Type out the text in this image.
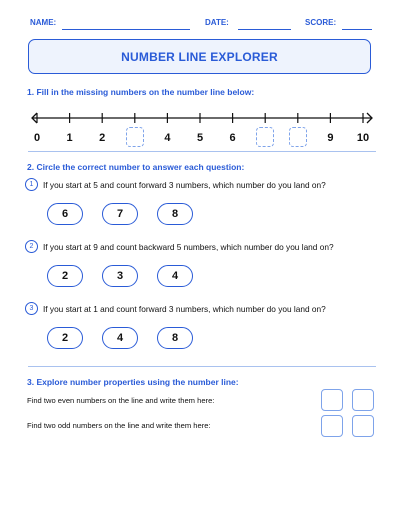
NAME:	DATE:	SCORE:
NUMBER LINE EXPLORER
1. Fill in the missing numbers on the number line below:
0	1	2	4	5	6	9	10
2. Circle the correct number to answer each question:
1	If you start at 5 and count forward 3 numbers, which number do you land on?
6	7	8
2	If you start at 9 and count backward 5 numbers, which number do you land on?
2	3	4
3	If you start at 1 and count forward 3 numbers, which number do you land on?
2	4	8
3. Explore number properties using the number line:
Find two even numbers on the line and write them here:
Find two odd numbers on the line and write them here:
